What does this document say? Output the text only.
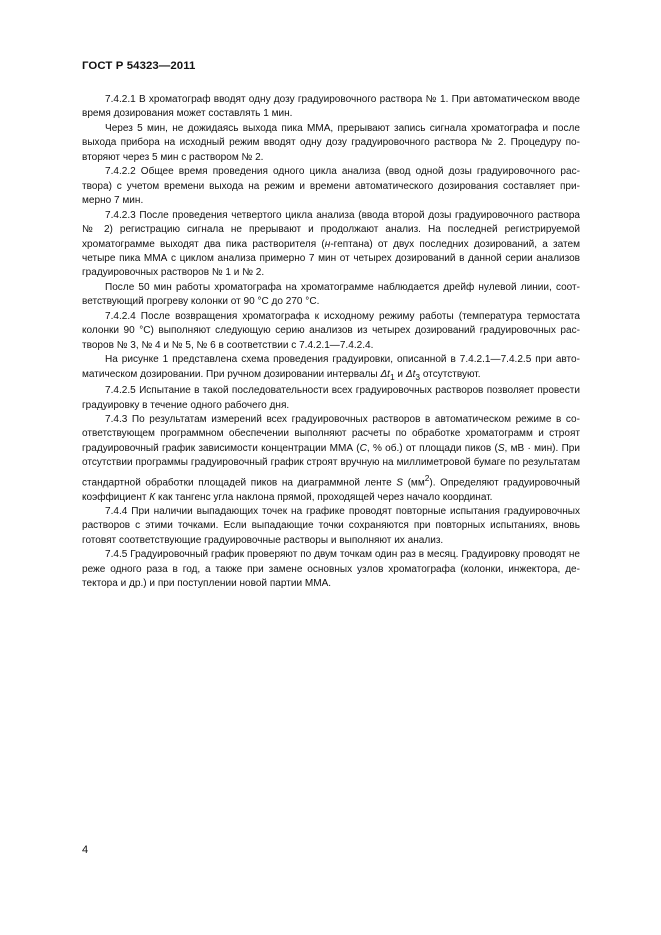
ГОСТ Р 54323—2011

7.4.2.1 В хроматограф вводят одну дозу градуировочного раствора № 1. При автоматическом вводе время дозирования может составлять 1 мин.

Через 5 мин, не дожидаясь выхода пика ММА, прерывают запись сигнала хроматографа и после выхода прибора на исходный режим вводят одну дозу градуировочного раствора № 2. Процедуру повторяют через 5 мин с раствором № 2.

7.4.2.2 Общее время проведения одного цикла анализа (ввод одной дозы градуировочного раствора) с учетом времени выхода на режим и времени автоматического дозирования составляет примерно 7 мин.

7.4.2.3 После проведения четвертого цикла анализа (ввода второй дозы градуировочного раствора № 2) регистрацию сигнала не прерывают и продолжают анализ. На последней регистрируемой хроматограмме выходят два пика растворителя (н-гептана) от двух последних дозирований, а затем четыре пика ММА с циклом анализа примерно 7 мин от четырех дозирований в данной серии анализов градуировочных растворов № 1 и № 2.

После 50 мин работы хроматографа на хроматограмме наблюдается дрейф нулевой линии, соответствующий прогреву колонки от 90 °С до 270 °С.

7.4.2.4 После возвращения хроматографа к исходному режиму работы (температура термостата колонки 90 °С) выполняют следующую серию анализов из четырех дозирований градуировочных растворов № 3, № 4 и № 5, № 6 в соответствии с 7.4.2.1—7.4.2.4.

На рисунке 1 представлена схема проведения градуировки, описанной в 7.4.2.1—7.4.2.5 при автоматическом дозировании. При ручном дозировании интервалы $\Delta t_1$ и $\Delta t_3$ отсутствуют.

7.4.2.5 Испытание в такой последовательности всех градуировочных растворов позволяет провести градуировку в течение одного рабочего дня.

7.4.3 По результатам измерений всех градуировочных растворов в автоматическом режиме в соответствующем программном обеспечении выполняют расчеты по обработке хроматограмм и строят градуировочный график зависимости концентрации ММА (С, % об.) от площади пиков (S, мВ · мин). При отсутствии программы градуировочный график строят вручную на миллиметровой бумаге по результатам стандартной обработки площадей пиков на диаграммной ленте S $(мм^2)$. Определяют градуировочный коэффициент К как тангенс угла наклона прямой, проходящей через начало координат.

7.4.4 При наличии выпадающих точек на графике проводят повторные испытания градуировочных растворов с этими точками. Если выпадающие точки сохраняются при повторных испытаниях, вновь готовят соответствующие градуировочные растворы и выполняют их анализ.

7.4.5 Градуировочный график проверяют по двум точкам один раз в месяц. Градуировку проводят не реже одного раза в год, а также при замене основных узлов хроматографа (колонки, инжектора, детектора и др.) и при поступлении новой партии ММА.

4
